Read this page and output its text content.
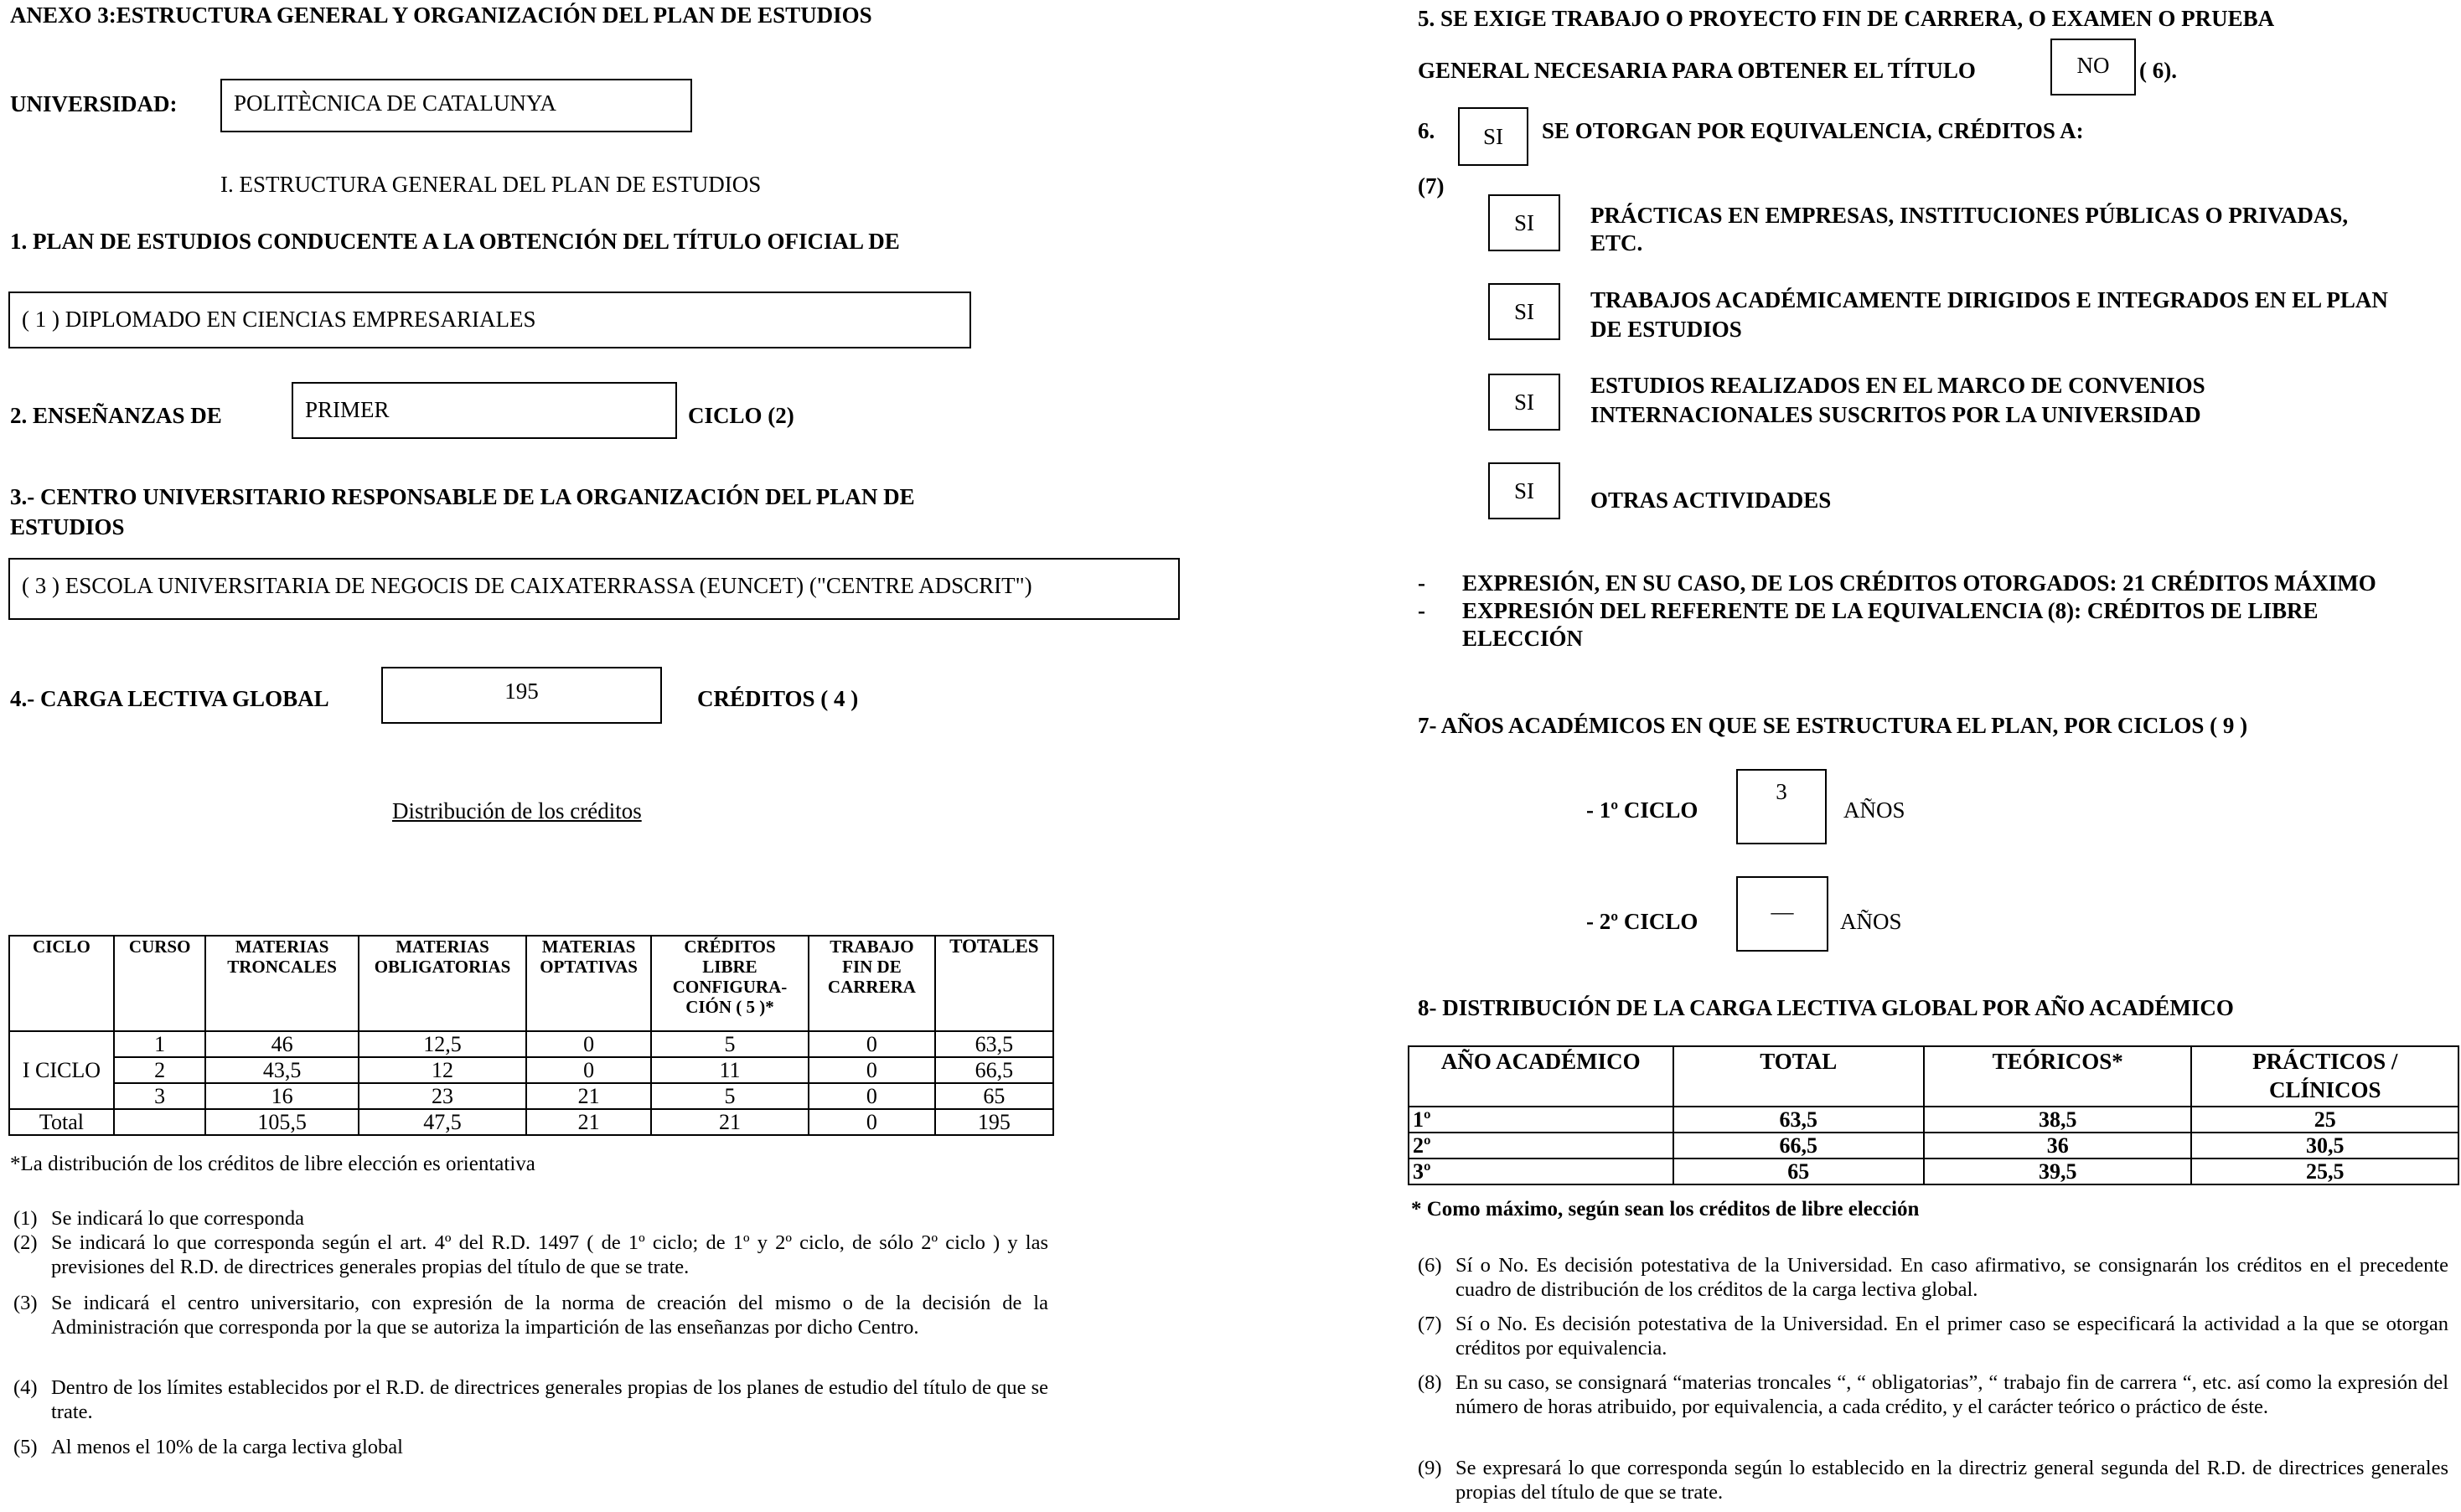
ANEXO 3:ESTRUCTURA GENERAL Y ORGANIZACIÓN DEL PLAN DE ESTUDIOS
UNIVERSIDAD:	POLITÈCNICA DE CATALUNYA
I. ESTRUCTURA GENERAL DEL PLAN DE ESTUDIOS
1. PLAN DE ESTUDIOS CONDUCENTE A LA OBTENCIÓN DEL TÍTULO OFICIAL DE
( 1 ) DIPLOMADO EN CIENCIAS EMPRESARIALES
2. ENSEÑANZAS DE	PRIMER	CICLO (2)
3.- CENTRO UNIVERSITARIO RESPONSABLE DE LA ORGANIZACIÓN DEL PLAN DE
ESTUDIOS
( 3 ) ESCOLA UNIVERSITARIA DE NEGOCIS DE CAIXATERRASSA (EUNCET) ("CENTRE ADSCRIT")
4.- CARGA LECTIVA GLOBAL	195	CRÉDITOS ( 4 )
Distribución de los créditos
CICLO	CURSO	MATERIAS TRONCALES	MATERIAS OBLIGATORIAS	MATERIAS OPTATIVAS	CRÉDITOS LIBRE CONFIGURA-CIÓN ( 5 )*	TRABAJO FIN DE CARRERA	TOTALES
I CICLO	1	46	12,5	0	5	0	63,5
	2	43,5	12	0	11	0	66,5
	3	16	23	21	5	0	65
Total		105,5	47,5	21	21	0	195
*La distribución de los créditos de libre elección es orientativa
(1) Se indicará lo que corresponda
(2) Se indicará lo que corresponda según el art. 4º del R.D. 1497 ( de 1º ciclo; de 1º y 2º ciclo, de sólo 2º ciclo ) y las previsiones del R.D. de directrices generales propias del título de que se trate.
(3) Se indicará el centro universitario, con expresión de la norma de creación del mismo o de la decisión de la Administración que corresponda por la que se autoriza la impartición de las enseñanzas por dicho Centro.
(4) Dentro de los límites establecidos por el R.D. de directrices generales propias de los planes de estudio del título de que se trate.
(5) Al menos el 10% de la carga lectiva global
5. SE EXIGE TRABAJO O PROYECTO FIN DE CARRERA, O EXAMEN O PRUEBA
GENERAL NECESARIA PARA OBTENER EL TÍTULO	NO	( 6).
6.	SI	SE OTORGAN POR EQUIVALENCIA, CRÉDITOS A:
(7)
SI	PRÁCTICAS EN EMPRESAS, INSTITUCIONES PÚBLICAS O PRIVADAS,
ETC.
SI	TRABAJOS ACADÉMICAMENTE DIRIGIDOS E INTEGRADOS EN EL PLAN
DE ESTUDIOS
SI
ESTUDIOS REALIZADOS EN EL MARCO DE CONVENIOS
INTERNACIONALES SUSCRITOS POR LA UNIVERSIDAD
SI	OTRAS ACTIVIDADES
- EXPRESIÓN, EN SU CASO, DE LOS CRÉDITOS OTORGADOS: 21 CRÉDITOS MÁXIMO
- EXPRESIÓN DEL REFERENTE DE LA EQUIVALENCIA (8): CRÉDITOS DE LIBRE
ELECCIÓN
7- AÑOS ACADÉMICOS EN QUE SE ESTRUCTURA EL PLAN, POR CICLOS ( 9 )
- 1º CICLO
3
AÑOS
- 2º CICLO	—	AÑOS
8- DISTRIBUCIÓN DE LA CARGA LECTIVA GLOBAL POR AÑO ACADÉMICO
AÑO ACADÉMICO	TOTAL	TEÓRICOS*	PRÁCTICOS / CLÍNICOS
1º	63,5	38,5	25
2º	66,5	36	30,5
3º	65	39,5	25,5
* Como máximo, según sean los créditos de libre elección
(6) Sí o No. Es decisión potestativa de la Universidad. En caso afirmativo, se consignarán los créditos en el precedente cuadro de distribución de los créditos de la carga lectiva global.
(7) Sí o No. Es decisión potestativa de la Universidad. En el primer caso se especificará la actividad a la que se otorgan créditos por equivalencia.
(8) En su caso, se consignará “materias troncales “, “ obligatorias”, “ trabajo fin de carrera “, etc. así como la expresión del número de horas atribuido, por equivalencia, a cada crédito, y el carácter teórico o práctico de éste.
(9) Se expresará lo que corresponda según lo establecido en la directriz general segunda del R.D. de directrices generales propias del título de que se trate.
